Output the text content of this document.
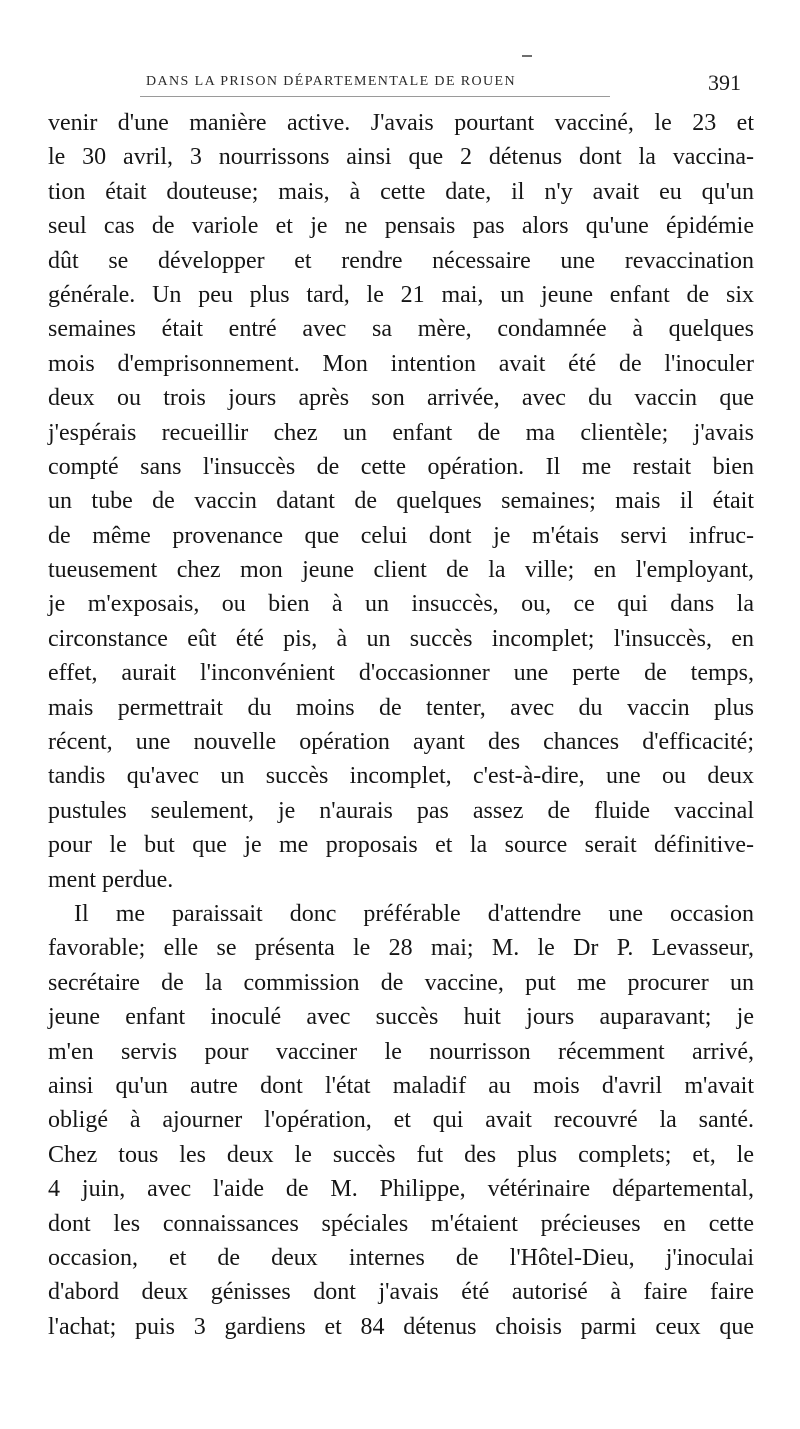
DANS LA PRISON DÉPARTEMENTALE DE ROUEN	391
venir d'une manière active. J'avais pourtant vacciné, le 23 et
le 30 avril, 3 nourrissons ainsi que 2 détenus dont la vaccina-
tion était douteuse; mais, à cette date, il n'y avait eu qu'un
seul cas de variole et je ne pensais pas alors qu'une épidémie
dût se développer et rendre nécessaire une revaccination
générale. Un peu plus tard, le 21 mai, un jeune enfant de six
semaines était entré avec sa mère, condamnée à quelques
mois d'emprisonnement. Mon intention avait été de l'inoculer
deux ou trois jours après son arrivée, avec du vaccin que
j'espérais recueillir chez un enfant de ma clientèle; j'avais
compté sans l'insuccès de cette opération. Il me restait bien
un tube de vaccin datant de quelques semaines; mais il était
de même provenance que celui dont je m'étais servi infruc-
tueusement chez mon jeune client de la ville; en l'employant,
je m'exposais, ou bien à un insuccès, ou, ce qui dans la
circonstance eût été pis, à un succès incomplet; l'insuccès, en
effet, aurait l'inconvénient d'occasionner une perte de temps,
mais permettrait du moins de tenter, avec du vaccin plus
récent, une nouvelle opération ayant des chances d'efficacité;
tandis qu'avec un succès incomplet, c'est-à-dire, une ou deux
pustules seulement, je n'aurais pas assez de fluide vaccinal
pour le but que je me proposais et la source serait définitive-
ment perdue.
Il me paraissait donc préférable d'attendre une occasion
favorable; elle se présenta le 28 mai; M. le Dr P. Levasseur,
secrétaire de la commission de vaccine, put me procurer un
jeune enfant inoculé avec succès huit jours auparavant; je
m'en servis pour vacciner le nourrisson récemment arrivé,
ainsi qu'un autre dont l'état maladif au mois d'avril m'avait
obligé à ajourner l'opération, et qui avait recouvré la santé.
Chez tous les deux le succès fut des plus complets; et, le
4 juin, avec l'aide de M. Philippe, vétérinaire départemental,
dont les connaissances spéciales m'étaient précieuses en cette
occasion, et de deux internes de l'Hôtel-Dieu, j'inoculai
d'abord deux génisses dont j'avais été autorisé à faire faire
l'achat; puis 3 gardiens et 84 détenus choisis parmi ceux que
